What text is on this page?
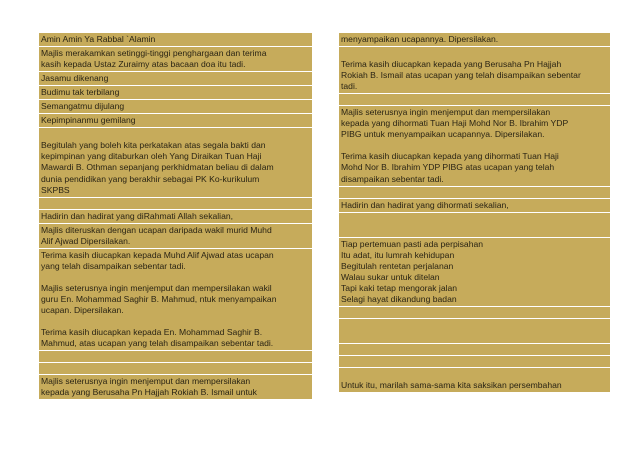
Amin Amin Ya Rabbal `Alamin
Majlis merakamkan setinggi-tinggi penghargaan dan terima
kasih kepada Ustaz Zuraimy atas bacaan doa itu tadi.
Jasamu dikenang
Budimu tak terbilang
Semangatmu dijulang
Kepimpinanmu gemilang
Begitulah yang boleh kita perkatakan atas segala bakti dan
kepimpinan yang ditaburkan oleh Yang Diraikan Tuan Haji
Mawardi B. Othman sepanjang perkhidmatan beliau di dalam
dunia pendidikan yang berakhir sebagai PK Ko-kurikulum
SKPBS
Hadirin dan hadirat yang diRahmati Allah sekalian,
Majlis diteruskan dengan ucapan daripada wakil murid Muhd
Alif Ajwad Dipersilakan.
Terima kasih diucapkan kepada Muhd Alif Ajwad atas ucapan
yang telah disampaikan sebentar tadi.
Majlis seterusnya ingin menjemput dan mempersilakan wakil
guru En. Mohammad Saghir B. Mahmud, ntuk menyampaikan
ucapan. Dipersilakan.
Terima kasih diucapkan kepada En. Mohammad Saghir B.
Mahmud, atas ucapan yang telah disampaikan sebentar tadi.
Majlis seterusnya ingin menjemput dan mempersilakan
kepada yang Berusaha Pn Hajjah Rokiah B. Ismail untuk
menyampaikan ucapannya. Dipersilakan.
Terima kasih diucapkan kepada yang Berusaha Pn Hajjah
Rokiah B. Ismail atas ucapan yang telah disampaikan sebentar
tadi.
Majlis seterusnya ingin menjemput dan mempersilakan
kepada yang dihormati Tuan Haji Mohd Nor B. Ibrahim YDP
PIBG untuk menyampaikan ucapannya. Dipersilakan.
Terima kasih diucapkan kepada yang dihormati Tuan Haji
Mohd Nor B. Ibrahim YDP PIBG atas ucapan yang telah
disampaikan sebentar tadi.
Hadirin dan hadirat yang dihormati sekalian,
Tiap pertemuan pasti ada perpisahan
Itu adat, itu lumrah kehidupan
Begitulah rentetan perjalanan
Walau sukar untuk ditelan
Tapi kaki tetap mengorak jalan
Selagi hayat dikandung badan
Untuk itu, marilah sama-sama kita saksikan persembahan
